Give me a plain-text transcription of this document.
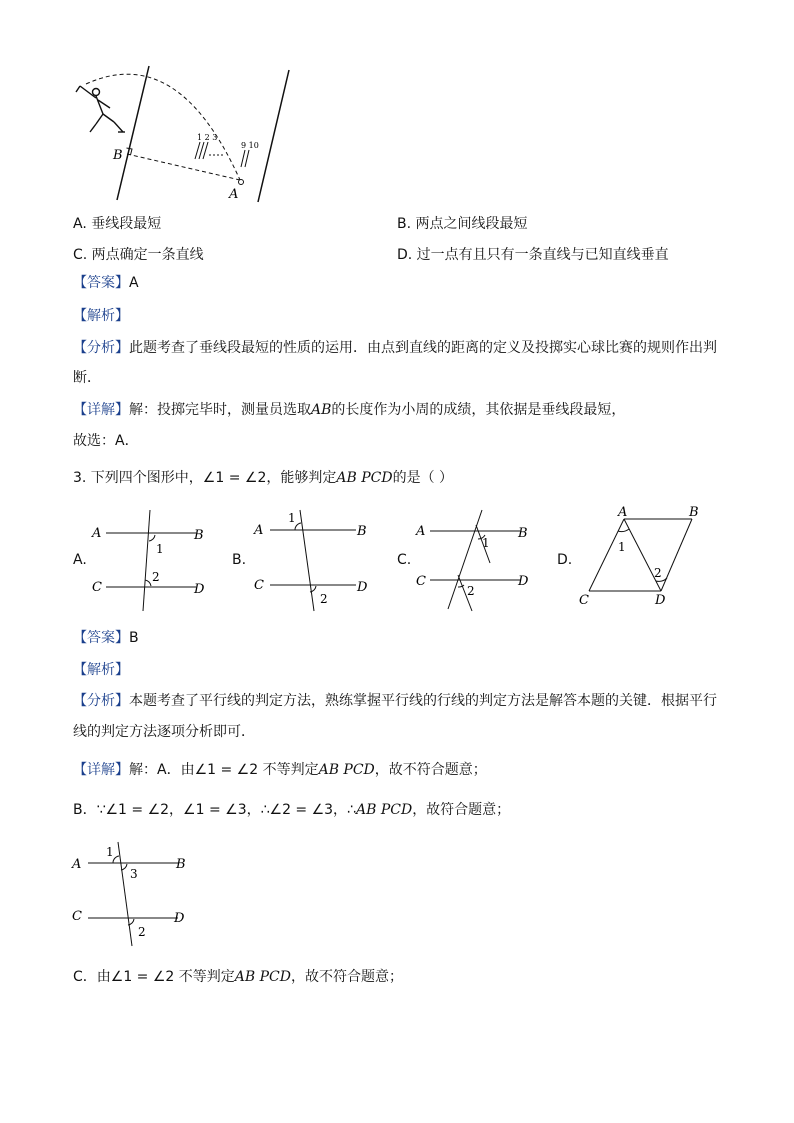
B
A
1 2 3
9 10
A. 垂线段最短	B. 两点之间线段最短
C. 两点确定一条直线	D. 过一点有且只有一条直线与已知直线垂直
【答案】A
【解析】
【分析】此题考查了垂线段最短的性质的运用．由点到直线的距离的定义及投掷实心球比赛的规则作出判
断．
【详解】解：投掷完毕时，测量员选取AB的长度作为小周的成绩，其依据是垂线段最短，
故选：A．
3. 下列四个图形中，∠1 = ∠2，能够判定AB PCD的是（ ）
A.	B.	C.	D.
A	B
C	D
1
2
A	B
C	D
1
2
A	B
C	D
1
2
A	B
C	D
1
2
【答案】B
【解析】
【分析】本题考查了平行线的判定方法，熟练掌握平行线的行线的判定方法是解答本题的关键．根据平行
线的判定方法逐项分析即可．
【详解】解：A．由∠1 = ∠2 不等判定AB PCD，故不符合题意；
B．∵∠1 = ∠2，∠1 = ∠3，∴∠2 = ∠3，∴AB PCD，故符合题意；
A	B
C	D
1
3
2
C．由∠1 = ∠2 不等判定AB PCD，故不符合题意；
